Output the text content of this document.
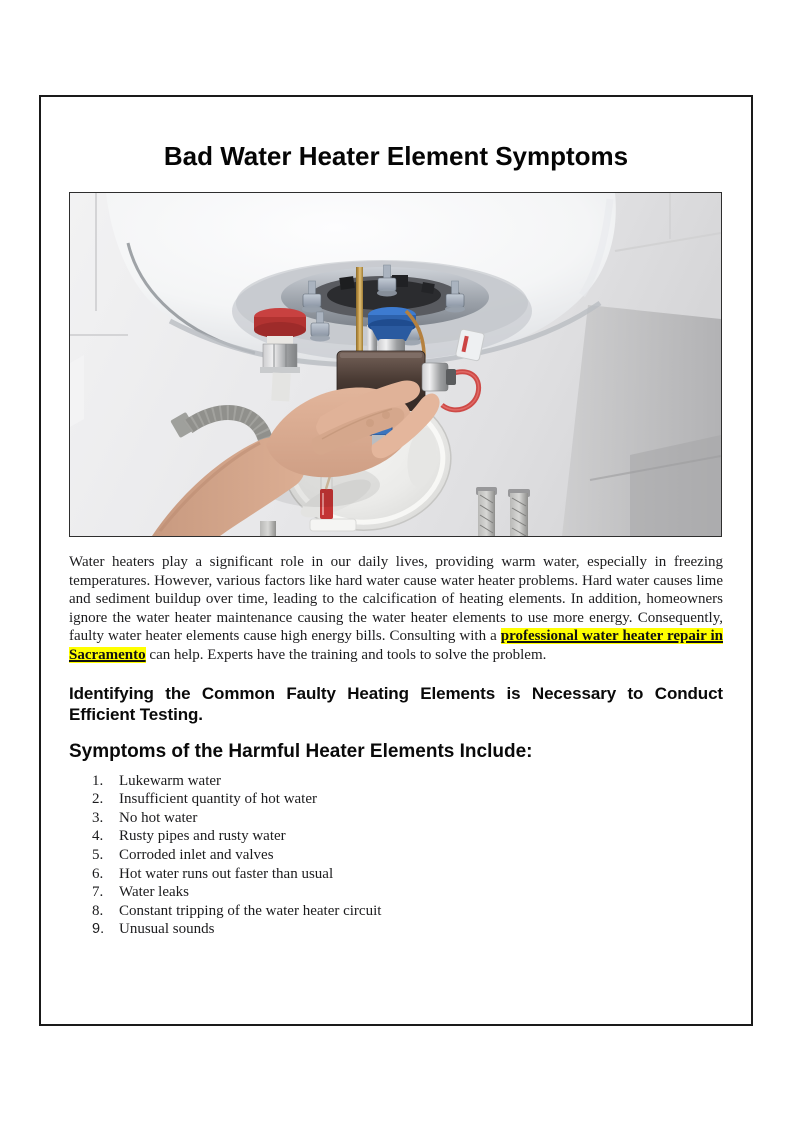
Bad Water Heater Element Symptoms

Water heaters play a significant role in our daily lives, providing warm water, especially in freezing temperatures. However, various factors like hard water cause water heater problems. Hard water causes lime and sediment buildup over time, leading to the calcification of heating elements. In addition, homeowners ignore the water heater maintenance causing the water heater elements to use more energy. Consequently, faulty water heater elements cause high energy bills. Consulting with a professional water heater repair in Sacramento can help. Experts have the training and tools to solve the problem.

Identifying the Common Faulty Heating Elements is Necessary to Conduct Efficient Testing.
Symptoms of the Harmful Heater Elements Include:
Lukewarm water
Insufficient quantity of hot water
No hot water
Rusty pipes and rusty water
Corroded inlet and valves
Hot water runs out faster than usual
Water leaks
Constant tripping of the water heater circuit
Unusual sounds
